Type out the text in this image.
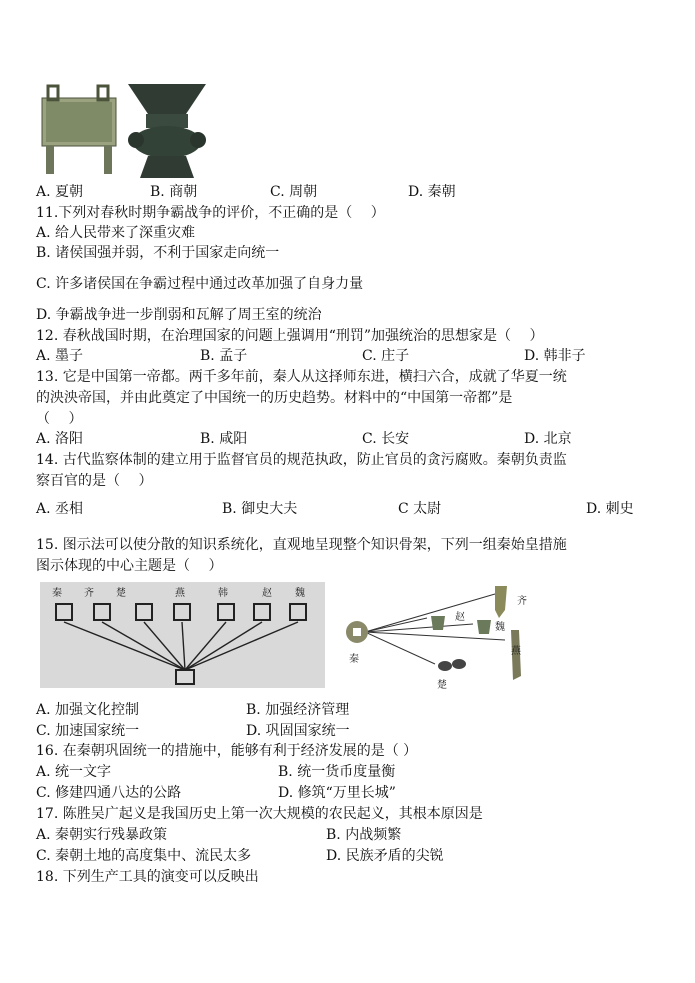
A. 夏朝	B. 商朝	C. 周朝	D. 秦朝
11.下列对春秋时期争霸战争的评价，不正确的是（　 ）
A. 给人民带来了深重灾难
B. 诸侯国强并弱，不利于国家走向统一
C. 许多诸侯国在争霸过程中通过改革加强了自身力量
D. 争霸战争进一步削弱和瓦解了周王室的统治
12. 春秋战国时期，在治理国家的问题上强调用“刑罚”加强统治的思想家是（　 ）
A. 墨子	B. 孟子	C. 庄子	D. 韩非子
13. 它是中国第一帝都。两千多年前，秦人从这择师东进，横扫六合，成就了华夏一统
的泱泱帝国，并由此奠定了中国统一的历史趋势。材料中的“中国第一帝都”是
（　 ）
A. 洛阳	B. 咸阳	C. 长安	D. 北京
14. 古代监察体制的建立用于监督官员的规范执政，防止官员的贪污腐败。秦朝负责监
察百官的是（　 ）
A. 丞相	B. 御史大夫	C 太尉	D. 刺史
15. 图示法可以使分散的知识系统化，直观地呈现整个知识骨架，下列一组秦始皇措施
图示体现的中心主题是（　 ）
秦 齐 楚	燕	韩	赵 魏
齐
赵
魏
燕
秦
楚
A. 加强文化控制	B. 加强经济管理
C. 加速国家统一	D. 巩固国家统一
16. 在秦朝巩固统一的措施中，能够有利于经济发展的是（ ）
A. 统一文字	B. 统一货币度量衡
C. 修建四通八达的公路	D. 修筑“万里长城”
17. 陈胜吴广起义是我国历史上第一次大规模的农民起义，其根本原因是
A. 秦朝实行残暴政策	B. 内战频繁
C. 秦朝土地的高度集中、流民太多	D. 民族矛盾的尖锐
18. 下列生产工具的演变可以反映出
